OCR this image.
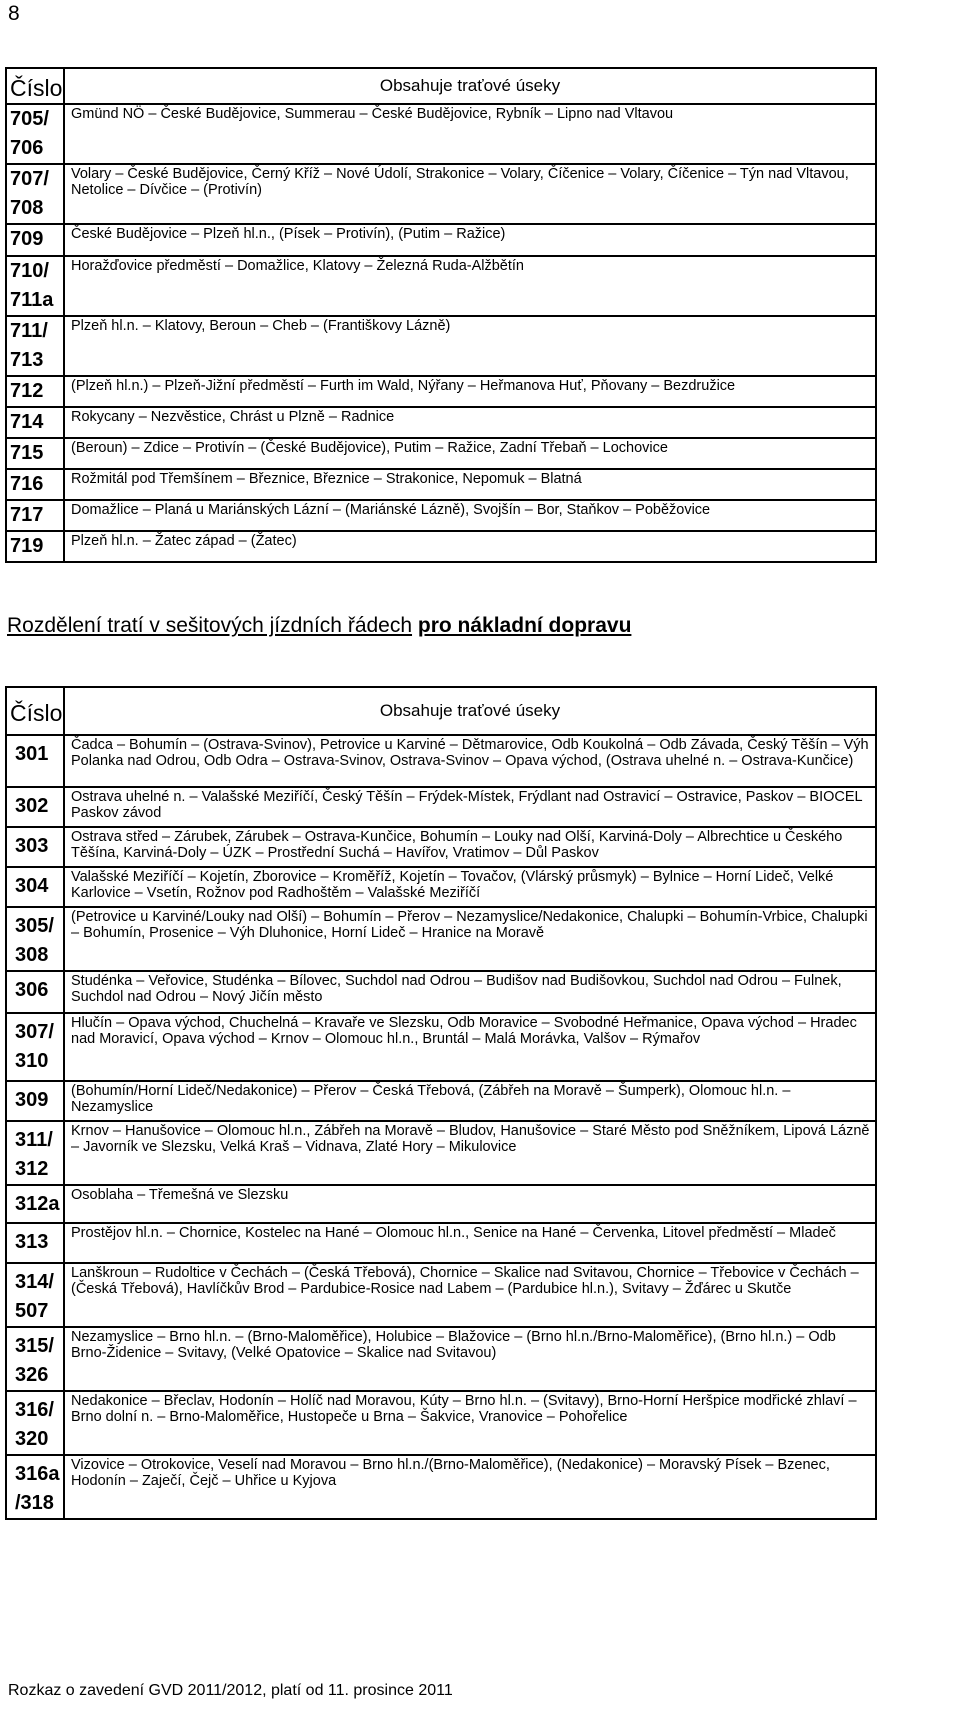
8
Číslo	Obsahuje traťové úseky
705/ 706	Gmünd NÖ – České Budějovice, Summerau – České Budějovice, Rybník – Lipno nad Vltavou
707/ 708	Volary – České Budějovice, Černý Kříž – Nové Údolí, Strakonice – Volary, Číčenice – Volary, Číčenice – Týn nad Vltavou, Netolice – Dívčice – (Protivín)
709	České Budějovice – Plzeň hl.n., (Písek – Protivín), (Putim – Ražice)
710/ 711a	Horažďovice předměstí – Domažlice, Klatovy – Železná Ruda-Alžbětín
711/ 713	Plzeň hl.n. – Klatovy, Beroun – Cheb – (Františkovy Lázně)
712	(Plzeň hl.n.) – Plzeň-Jižní předměstí – Furth im Wald, Nýřany – Heřmanova Huť, Pňovany – Bezdružice
714	Rokycany – Nezvěstice, Chrást u Plzně – Radnice
715	(Beroun) – Zdice – Protivín – (České Budějovice), Putim – Ražice, Zadní Třebaň – Lochovice
716	Rožmitál pod Třemšínem – Březnice, Březnice – Strakonice, Nepomuk – Blatná
717	Domažlice – Planá u Mariánských Lázní – (Mariánské Lázně), Svojšín – Bor, Staňkov – Poběžovice
719	Plzeň hl.n. – Žatec západ – (Žatec)
Rozdělení tratí v sešitových jízdních řádech pro nákladní dopravu
Číslo	Obsahuje traťové úseky
301	Čadca – Bohumín – (Ostrava-Svinov), Petrovice u Karviné – Dětmarovice, Odb Koukolná – Odb Závada, Český Těšín – Výh Polanka nad Odrou, Odb Odra – Ostrava-Svinov, Ostrava-Svinov – Opava východ, (Ostrava uhelné n. – Ostrava-Kunčice)
302	Ostrava uhelné n. – Valašské Meziříčí, Český Těšín – Frýdek-Místek, Frýdlant nad Ostravicí – Ostravice, Paskov – BIOCEL Paskov závod
303	Ostrava střed – Zárubek, Zárubek – Ostrava-Kunčice, Bohumín – Louky nad Olší, Karviná-Doly – Albrechtice u Českého Těšína, Karviná-Doly – ÚZK – Prostřední Suchá – Havířov, Vratimov – Důl Paskov
304	Valašské Meziříčí – Kojetín, Zborovice – Kroměříž, Kojetín – Tovačov, (Vlárský průsmyk) – Bylnice – Horní Lideč, Velké Karlovice – Vsetín, Rožnov pod Radhoštěm – Valašské Meziříčí
305/ 308	(Petrovice u Karviné/Louky nad Olší) – Bohumín – Přerov – Nezamyslice/Nedakonice, Chalupki – Bohumín-Vrbice, Chalupki – Bohumín, Prosenice – Výh Dluhonice, Horní Lideč – Hranice na Moravě
306	Studénka – Veřovice, Studénka – Bílovec, Suchdol nad Odrou – Budišov nad Budišovkou, Suchdol nad Odrou – Fulnek, Suchdol nad Odrou – Nový Jičín město
307/ 310	Hlučín – Opava východ, Chuchelná – Kravaře ve Slezsku, Odb Moravice – Svobodné Heřmanice, Opava východ – Hradec nad Moravicí, Opava východ – Krnov – Olomouc hl.n., Bruntál – Malá Morávka, Valšov – Rýmařov
309	(Bohumín/Horní Lideč/Nedakonice) – Přerov – Česká Třebová, (Zábřeh na Moravě – Šumperk), Olomouc hl.n. – Nezamyslice
311/ 312	Krnov – Hanušovice – Olomouc hl.n., Zábřeh na Moravě – Bludov, Hanušovice – Staré Město pod Sněžníkem, Lipová Lázně – Javorník ve Slezsku, Velká Kraš – Vidnava, Zlaté Hory – Mikulovice
312a	Osoblaha – Třemešná ve Slezsku
313	Prostějov hl.n. – Chornice, Kostelec na Hané – Olomouc hl.n., Senice na Hané – Červenka, Litovel předměstí – Mladeč
314/ 507	Lanškroun – Rudoltice v Čechách – (Česká Třebová), Chornice – Skalice nad Svitavou, Chornice – Třebovice v Čechách – (Česká Třebová), Havlíčkův Brod – Pardubice-Rosice nad Labem – (Pardubice hl.n.), Svitavy – Žďárec u Skutče
315/ 326	Nezamyslice – Brno hl.n. – (Brno-Maloměřice), Holubice – Blažovice – (Brno hl.n./Brno-Maloměřice), (Brno hl.n.) – Odb Brno-Židenice – Svitavy, (Velké Opatovice – Skalice nad Svitavou)
316/ 320	Nedakonice – Břeclav, Hodonín – Holíč nad Moravou, Kúty – Brno hl.n. – (Svitavy), Brno-Horní Heršpice modřické zhlaví – Brno dolní n. – Brno-Maloměřice, Hustopeče u Brna – Šakvice, Vranovice – Pohořelice
316a /318	Vizovice – Otrokovice, Veselí nad Moravou – Brno hl.n./(Brno-Maloměřice), (Nedakonice) – Moravský Písek – Bzenec, Hodonín – Zaječí, Čejč – Uhřice u Kyjova
Rozkaz o zavedení GVD 2011/2012, platí od 11. prosince 2011
